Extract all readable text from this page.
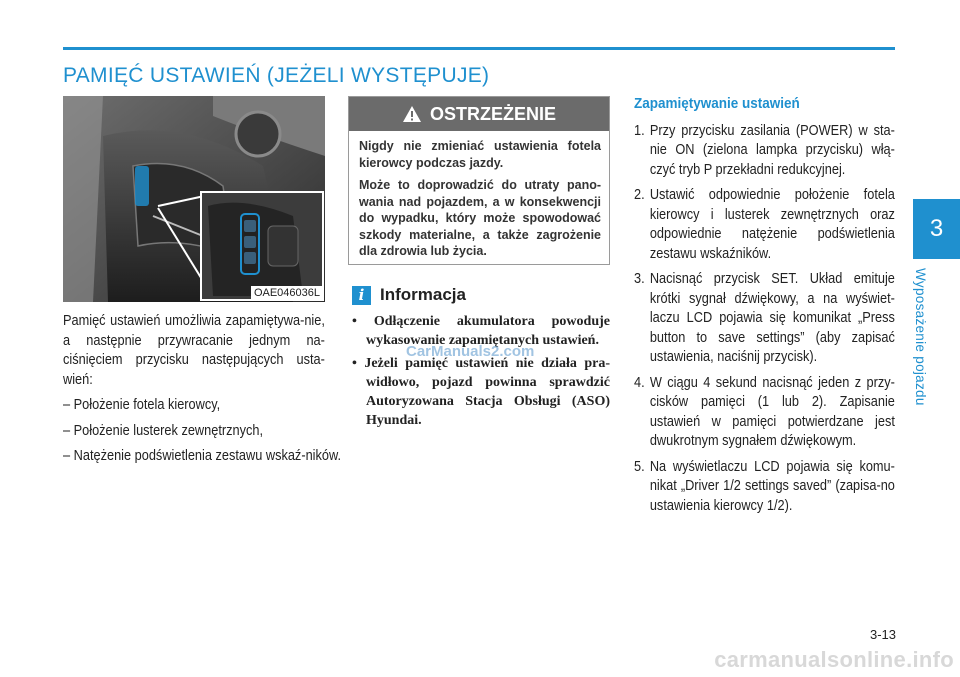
PAMIĘĆ USTAWIEŃ (JEŻELI WYSTĘPUJE)
OAE046036L

Pamięć ustawień umożliwia zapamiętywa-nie, a następnie przywracanie jednym na-ciśnięciem przycisku następujących usta-wień:

– Położenie fotela kierowcy,
– Położenie lusterek zewnętrznych,
– Natężenie podświetlenia zestawu wskaź-ników.
OSTRZEŻENIE

Nigdy nie zmieniać ustawienia fotela kierowcy podczas jazdy.

Może to doprowadzić do utraty pano-wania nad pojazdem, a w konsekwencji do wypadku, który może spowodować szkody materialne, a także zagrożenie dla zdrowia lub życia.

i Informacja
• Odłączenie akumulatora powoduje wykasowanie zapamiętanych ustawień.
• Jeżeli pamięć ustawień nie działa pra-widłowo, pojazd powinna sprawdzić Autoryzowana Stacja Obsługi (ASO) Hyundai.
CarManuals2.com
Zapamiętywanie ustawień
1. Przy przycisku zasilania (POWER) w sta-nie ON (zielona lampka przycisku) włą-czyć tryb P przekładni redukcyjnej.
2. Ustawić odpowiednie położenie fotela kierowcy i lusterek zewnętrznych oraz odpowiednie natężenie podświetlenia zestawu wskaźników.
3. Nacisnąć przycisk SET. Układ emituje krótki sygnał dźwiękowy, a na wyświet-laczu LCD pojawia się komunikat „Press button to save settings” (aby zapisać ustawienia, naciśnij przycisk).
4. W ciągu 4 sekund nacisnąć jeden z przy-cisków pamięci (1 lub 2). Zapisanie ustawień w pamięci potwierdzane jest dwukrotnym sygnałem dźwiękowym.
5. Na wyświetlaczu LCD pojawia się komu-nikat „Driver 1/2 settings saved” (zapisa-no ustawienia kierowcy 1/2).
3
Wyposażenie pojazdu
3-13
carmanualsonline.info
